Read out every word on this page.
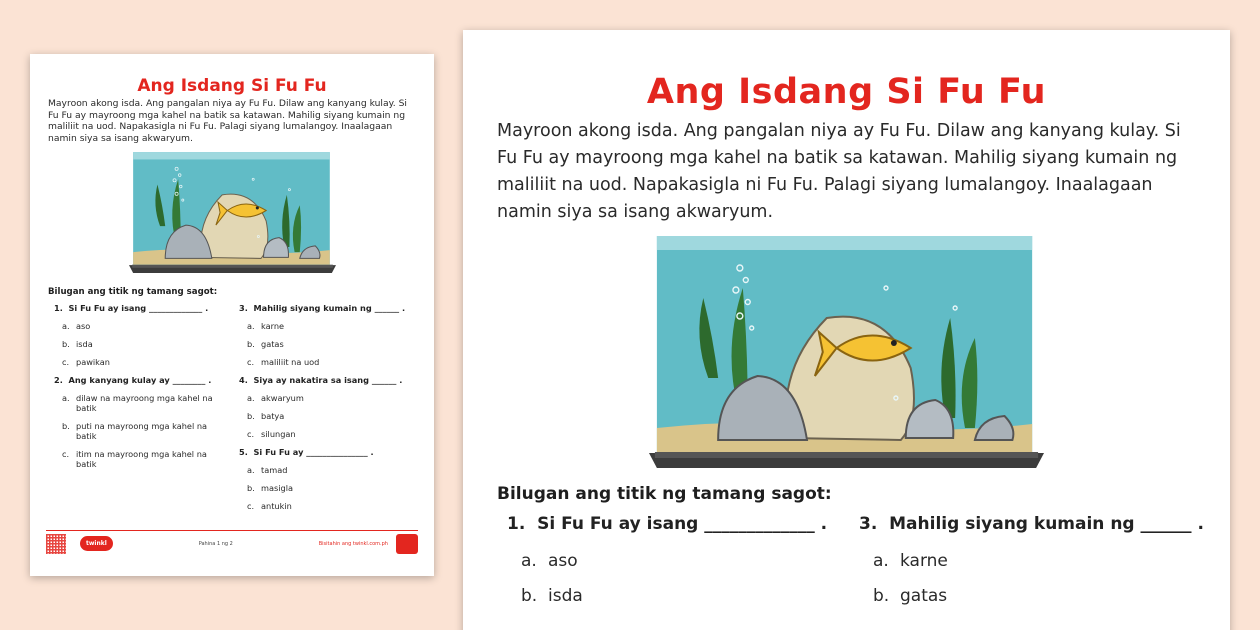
Ang Isdang Si Fu Fu

Mayroon akong isda. Ang pangalan niya ay Fu Fu. Dilaw ang kanyang kulay. Si Fu Fu ay mayroong mga kahel na batik sa katawan. Mahilig siyang kumain ng maliliit na uod. Napakasigla ni Fu Fu. Palagi siyang lumalangoy. Inaalagaan namin siya sa isang akwaryum.

Bilugan ang titik ng tamang sagot:
1. Si Fu Fu ay isang _____________ .
a. aso
b. isda
c. pawikan
2. Ang kanyang kulay ay ________ .
a. dilaw na mayroong mga kahel na batik
b. puti na mayroong mga kahel na batik
c. itim na mayroong mga kahel na batik
3. Mahilig siyang kumain ng ______ .
a. karne
b. gatas
c. maliliit na uod
4. Siya ay nakatira sa isang ______ .
a. akwaryum
b. batya
c. silungan
5. Si Fu Fu ay _______________ .
a. tamad
b. masigla
c. antukin
twinkl	Pahina 1 ng 2	Bisitahin ang twinkl.com.ph
Ang Isdang Si Fu Fu

Mayroon akong isda. Ang pangalan niya ay Fu Fu. Dilaw ang kanyang kulay. Si Fu Fu ay mayroong mga kahel na batik sa katawan. Mahilig siyang kumain ng maliliit na uod. Napakasigla ni Fu Fu. Palagi siyang lumalangoy. Inaalagaan namin siya sa isang akwaryum.

Bilugan ang titik ng tamang sagot:
1. Si Fu Fu ay isang _____________ .
a. aso
b. isda
3. Mahilig siyang kumain ng ______ .
a. karne
b. gatas
